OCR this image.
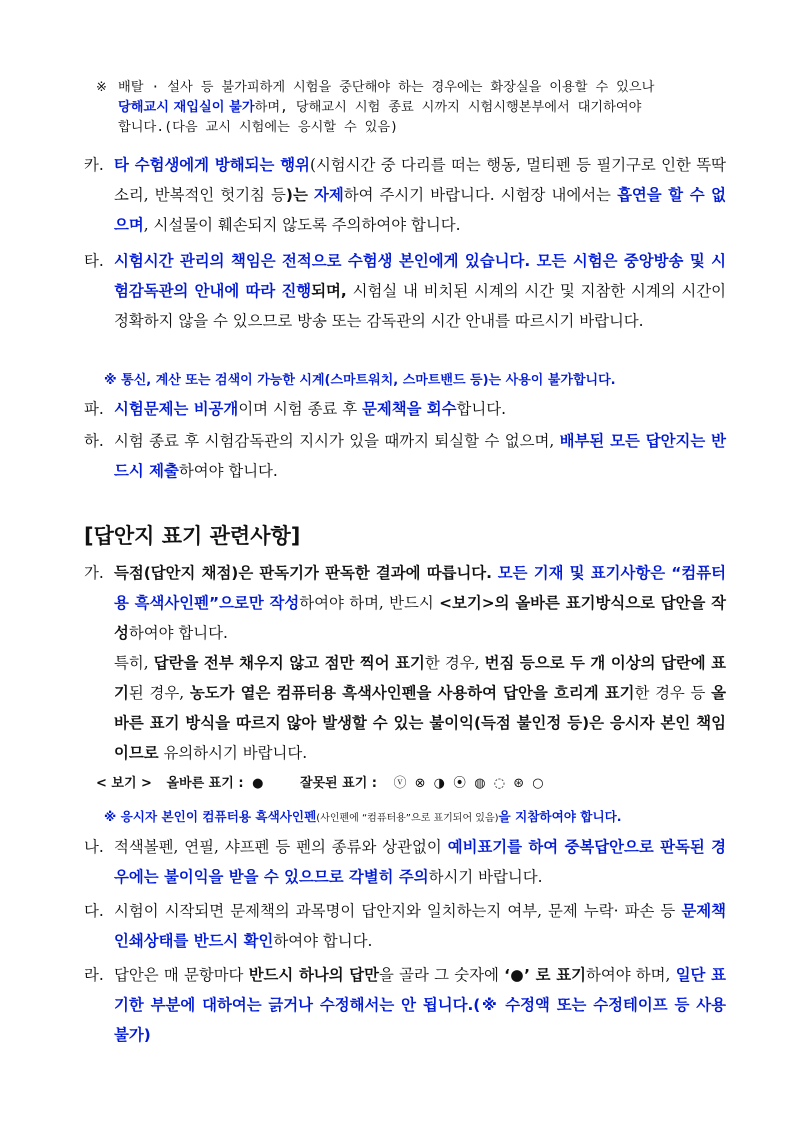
※ 배탈 · 설사 등 불가피하게 시험을 중단해야 하는 경우에는 화장실을 이용할 수 있으나
당해교시 재입실이 불가하며, 당해교시 시험 종료 시까지 시험시행본부에서 대기하여야
합니다.(다음 교시 시험에는 응시할 수 있음)
카. 타 수험생에게 방해되는 행위(시험시간 중 다리를 떠는 행동, 멀티펜 등 필기구로 인한 똑딱 소리, 반복적인 헛기침 등)는 자제하여 주시기 바랍니다. 시험장 내에서는 흡연을 할 수 없으며, 시설물이 훼손되지 않도록 주의하여야 합니다.
타. 시험시간 관리의 책임은 전적으로 수험생 본인에게 있습니다. 모든 시험은 중앙방송 및 시험감독관의 안내에 따라 진행되며, 시험실 내 비치된 시계의 시간 및 지참한 시계의 시간이 정확하지 않을 수 있으므로 방송 또는 감독관의 시간 안내를 따르시기 바랍니다.
※ 통신, 계산 또는 검색이 가능한 시계(스마트워치, 스마트밴드 등)는 사용이 불가합니다.
파. 시험문제는 비공개이며 시험 종료 후 문제책을 회수합니다.
하. 시험 종료 후 시험감독관의 지시가 있을 때까지 퇴실할 수 없으며, 배부된 모든 답안지는 반드시 제출하여야 합니다.
[답안지 표기 관련사항]
가. 득점(답안지 채점)은 판독기가 판독한 결과에 따릅니다. 모든 기재 및 표기사항은 “컴퓨터용 흑색사인펜”으로만 작성하여야 하며, 반드시 <보기>의 올바른 표기방식으로 답안을 작성하여야 합니다.
특히, 답란을 전부 채우지 않고 점만 찍어 표기한 경우, 번짐 등으로 두 개 이상의 답란에 표기된 경우, 농도가 옅은 컴퓨터용 흑색사인펜을 사용하여 답안을 흐리게 표기한 경우 등 올바른 표기 방식을 따르지 않아 발생할 수 있는 불이익(득점 불인정 등)은 응시자 본인 책임이므로 유의하시기 바랍니다.
< 보기 > 올바른 표기 : ●	잘못된 표기 : ⓥ ⊗ ◑ ⦿ ◍ ◌ ⊛ ○
※ 응시자 본인이 컴퓨터용 흑색사인펜(사인펜에 “컴퓨터용”으로 표기되어 있음)을 지참하여야 합니다.
나. 적색볼펜, 연필, 샤프펜 등 펜의 종류와 상관없이 예비표기를 하여 중복답안으로 판독된 경우에는 불이익을 받을 수 있으므로 각별히 주의하시기 바랍니다.
다. 시험이 시작되면 문제책의 과목명이 답안지와 일치하는지 여부, 문제 누락· 파손 등 문제책 인쇄상태를 반드시 확인하여야 합니다.
라. 답안은 매 문항마다 반드시 하나의 답만을 골라 그 숫자에 ‘●’ 로 표기하여야 하며, 일단 표기한 부분에 대하여는 긁거나 수정해서는 안 됩니다.(※ 수정액 또는 수정테이프 등 사용 불가)
